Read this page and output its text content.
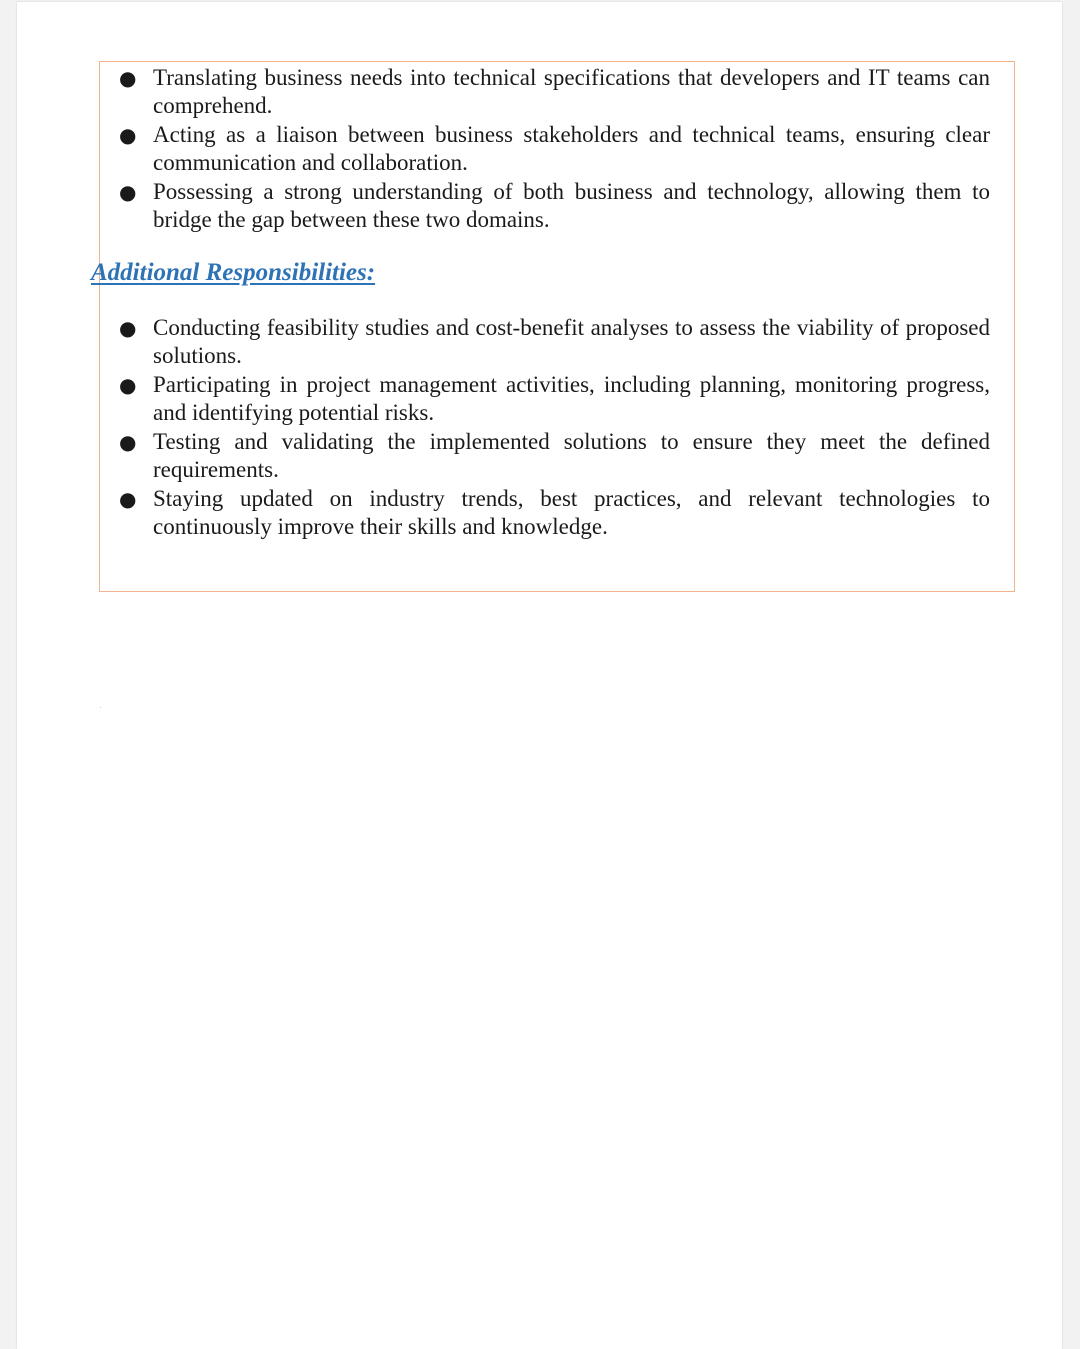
● Translating business needs into technical specifications that developers and IT teams can comprehend.
● Acting as a liaison between business stakeholders and technical teams, ensuring clear communication and collaboration.
● Possessing a strong understanding of both business and technology, allowing them to bridge the gap between these two domains.
Additional Responsibilities:
● Conducting feasibility studies and cost-benefit analyses to assess the viability of proposed solutions.
● Participating in project management activities, including planning, monitoring progress, and identifying potential risks.
● Testing and validating the implemented solutions to ensure they meet the defined requirements.
● Staying updated on industry trends, best practices, and relevant technologies to continuously improve their skills and knowledge.
